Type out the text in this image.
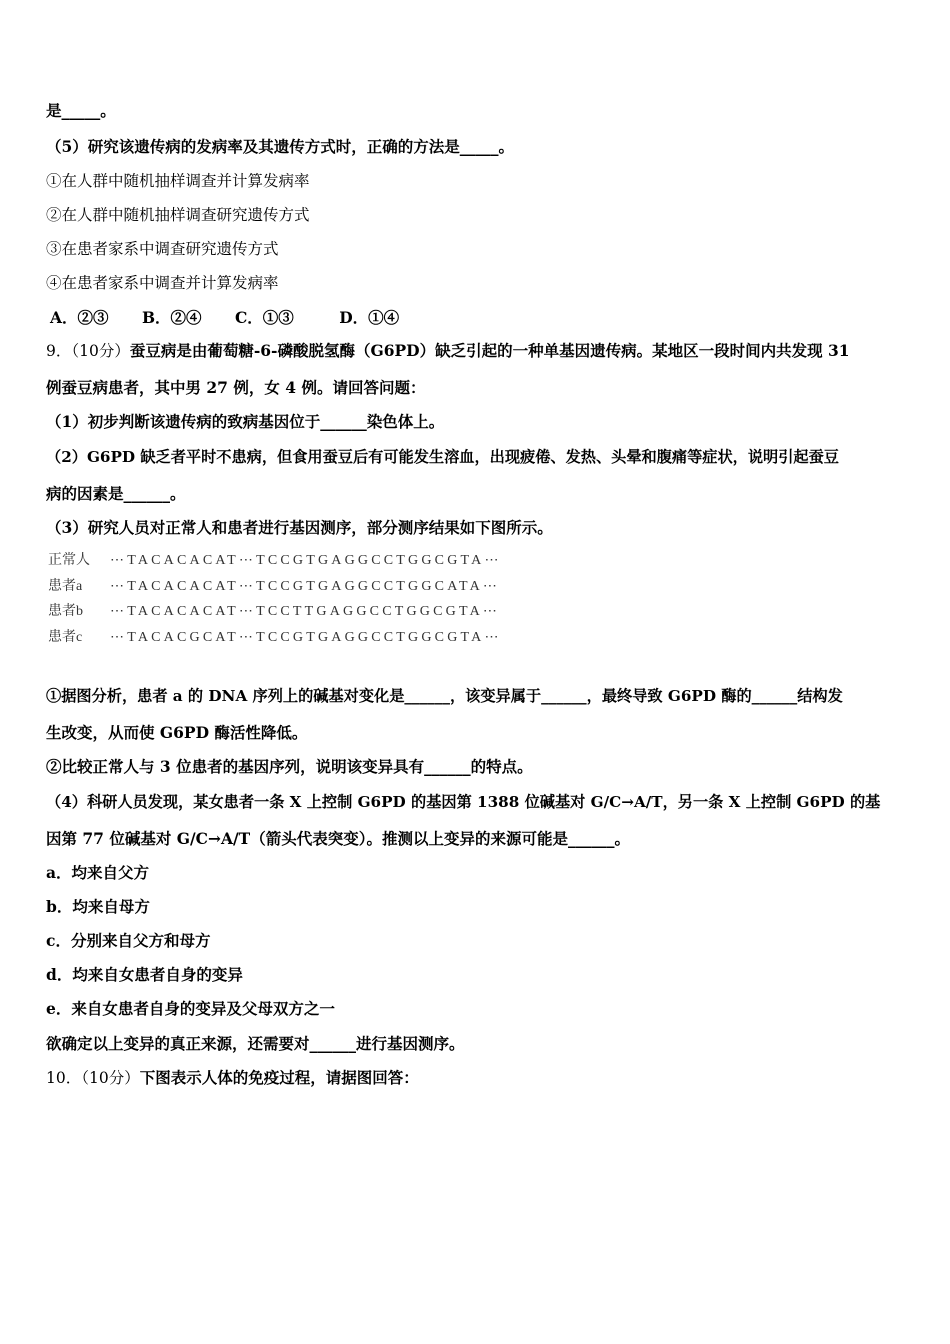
是_____。
（5）研究该遗传病的发病率及其遗传方式时，正确的方法是_____。
①在人群中随机抽样调查并计算发病率
②在人群中随机抽样调查研究遗传方式
③在患者家系中调查研究遗传方式
④在患者家系中调查并计算发病率
A．②③ B．②④ C．①③	D．①④
9．（10分）蚕豆病是由葡萄糖-6-磷酸脱氢酶（G6PD）缺乏引起的一种单基因遗传病。某地区一段时间内共发现 31
例蚕豆病患者，其中男 27 例，女 4 例。请回答问题：
（1）初步判断该遗传病的致病基因位于______染色体上。
（2）G6PD 缺乏者平时不患病，但食用蚕豆后有可能发生溶血，出现疲倦、发热、头晕和腹痛等症状，说明引起蚕豆
病的因素是______。
（3）研究人员对正常人和患者进行基因测序，部分测序结果如下图所示。
正常人 ⋯TACACACAT⋯TCCGTGAGGCCTGGCGTA⋯
患者a ⋯TACACACAT⋯TCCGTGAGGCCTGGCATA⋯
患者b ⋯TACACACAT⋯TCCTTGAGGCCTGGCGTA⋯
患者c ⋯TACACGCAT⋯TCCGTGAGGCCTGGCGTA⋯
①据图分析，患者 a 的 DNA 序列上的碱基对变化是______，该变异属于______，最终导致 G6PD 酶的______结构发
生改变，从而使 G6PD 酶活性降低。
②比较正常人与 3 位患者的基因序列，说明该变异具有______的特点。
（4）科研人员发现，某女患者一条 X 上控制 G6PD 的基因第 1388 位碱基对 G/C→A/T，另一条 X 上控制 G6PD 的基
因第 77 位碱基对 G/C→A/T（箭头代表突变）。推测以上变异的来源可能是______。
a．均来自父方
b．均来自母方
c．分别来自父方和母方
d．均来自女患者自身的变异
e．来自女患者自身的变异及父母双方之一
欲确定以上变异的真正来源，还需要对______进行基因测序。
10．（10分）下图表示人体的免疫过程，请据图回答：
